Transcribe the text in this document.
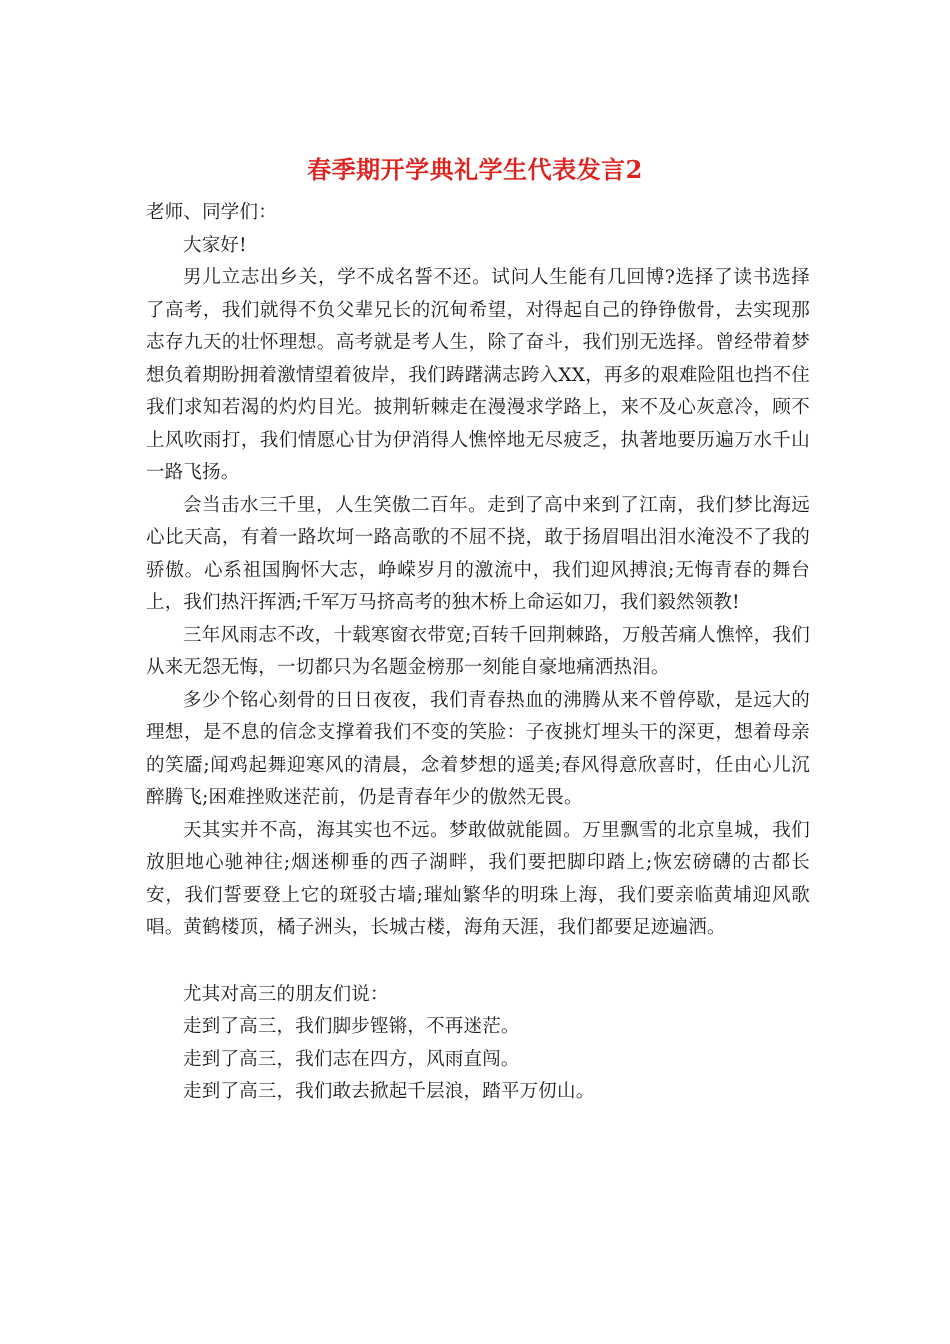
春季期开学典礼学生代表发言2

老师、同学们：

大家好!

男儿立志出乡关，学不成名誓不还。试问人生能有几回博?选择了读书选择了高考，我们就得不负父辈兄长的沉甸希望，对得起自己的铮铮傲骨，去实现那志存九天的壮怀理想。高考就是考人生，除了奋斗，我们别无选择。曾经带着梦想负着期盼拥着激情望着彼岸，我们踌躇满志跨入XX，再多的艰难险阻也挡不住我们求知若渴的灼灼目光。披荆斩棘走在漫漫求学路上，来不及心灰意冷，顾不上风吹雨打，我们情愿心甘为伊消得人憔悴地无尽疲乏，执著地要历遍万水千山一路飞扬。

会当击水三千里，人生笑傲二百年。走到了高中来到了江南，我们梦比海远心比天高，有着一路坎坷一路高歌的不屈不挠，敢于扬眉唱出泪水淹没不了我的骄傲。心系祖国胸怀大志，峥嵘岁月的激流中，我们迎风搏浪;无悔青春的舞台上，我们热汗挥洒;千军万马挤高考的独木桥上命运如刀，我们毅然领教!

三年风雨志不改，十载寒窗衣带宽;百转千回荆棘路，万般苦痛人憔悴，我们从来无怨无悔，一切都只为名题金榜那一刻能自豪地痛洒热泪。

多少个铭心刻骨的日日夜夜，我们青春热血的沸腾从来不曾停歇，是远大的理想，是不息的信念支撑着我们不变的笑脸：子夜挑灯埋头干的深更，想着母亲的笑靥;闻鸡起舞迎寒风的清晨，念着梦想的遥美;春风得意欣喜时，任由心儿沉醉腾飞;困难挫败迷茫前，仍是青春年少的傲然无畏。

天其实并不高，海其实也不远。梦敢做就能圆。万里飘雪的北京皇城，我们放胆地心驰神往;烟迷柳垂的西子湖畔，我们要把脚印踏上;恢宏磅礴的古都长安，我们誓要登上它的斑驳古墙;璀灿繁华的明珠上海，我们要亲临黄埔迎风歌唱。黄鹤楼顶，橘子洲头，长城古楼，海角天涯，我们都要足迹遍洒。

尤其对高三的朋友们说：

走到了高三，我们脚步铿锵，不再迷茫。

走到了高三，我们志在四方，风雨直闯。

走到了高三，我们敢去掀起千层浪，踏平万仞山。
